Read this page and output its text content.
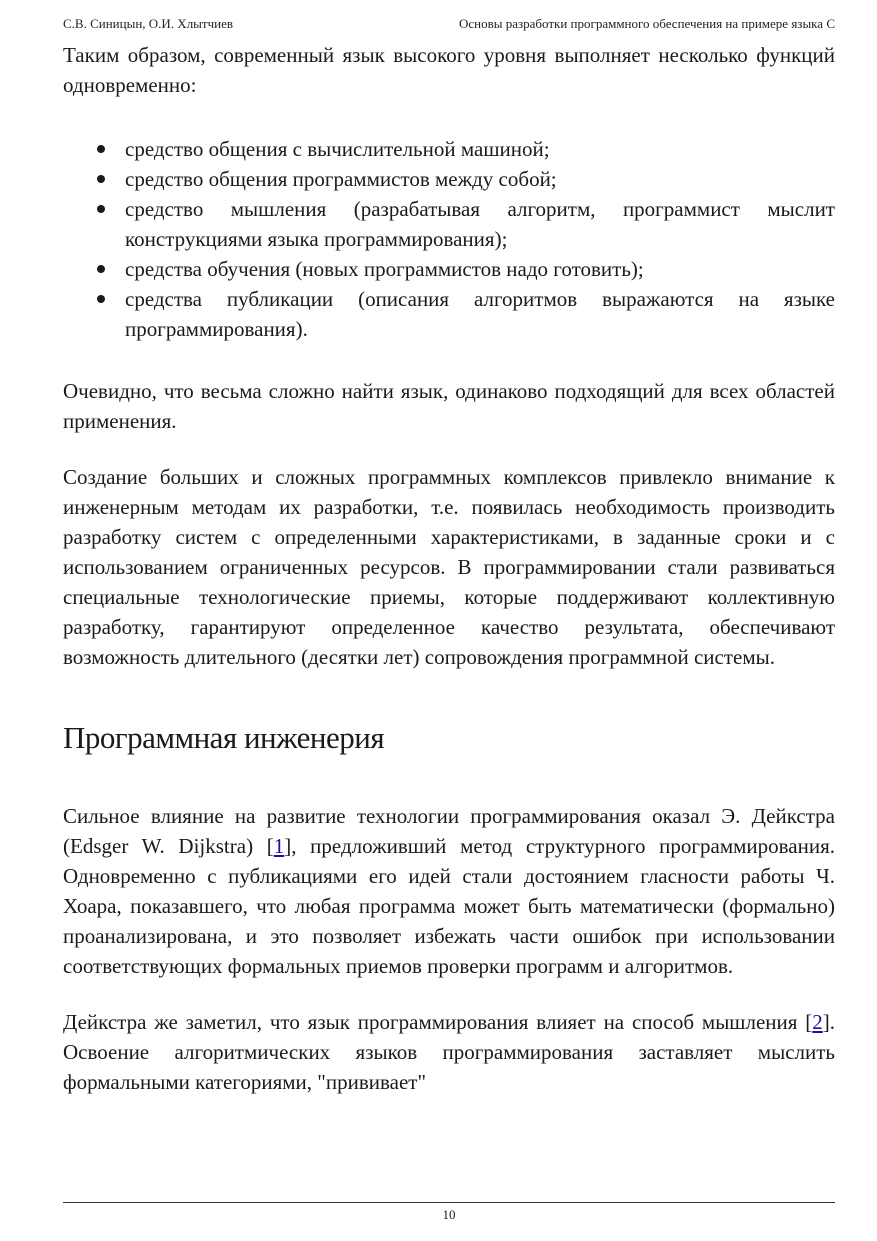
С.В. Синицын, О.И. Хлытчиев	Основы разработки программного обеспечения на примере языка С

Таким образом, современный язык высокого уровня выполняет несколько функций одновременно:

средство общения с вычислительной машиной;
средство общения программистов между собой;
средство мышления (разрабатывая алгоритм, программист мыслит конструкциями языка программирования);
средства обучения (новых программистов надо готовить);
средства публикации (описания алгоритмов выражаются на языке программирования).

Очевидно, что весьма сложно найти язык, одинаково подходящий для всех областей применения.

Создание больших и сложных программных комплексов привлекло внимание к инженерным методам их разработки, т.е. появилась необходимость производить разработку систем с определенными характеристиками, в заданные сроки и с использованием ограниченных ресурсов. В программировании стали развиваться специальные технологические приемы, которые поддерживают коллективную разработку, гарантируют определенное качество результата, обеспечивают возможность длительного (десятки лет) сопровождения программной системы.

Программная инженерия

Сильное влияние на развитие технологии программирования оказал Э. Дейкстра (Edsger W. Dijkstra) [1], предложивший метод структурного программирования. Одновременно с публикациями его идей стали достоянием гласности работы Ч. Хоара, показавшего, что любая программа может быть математически (формально) проанализирована, и это позволяет избежать части ошибок при использовании соответствующих формальных приемов проверки программ и алгоритмов.

Дейкстра же заметил, что язык программирования влияет на способ мышления [2]. Освоение алгоритмических языков программирования заставляет мыслить формальными категориями, "прививает"

10
